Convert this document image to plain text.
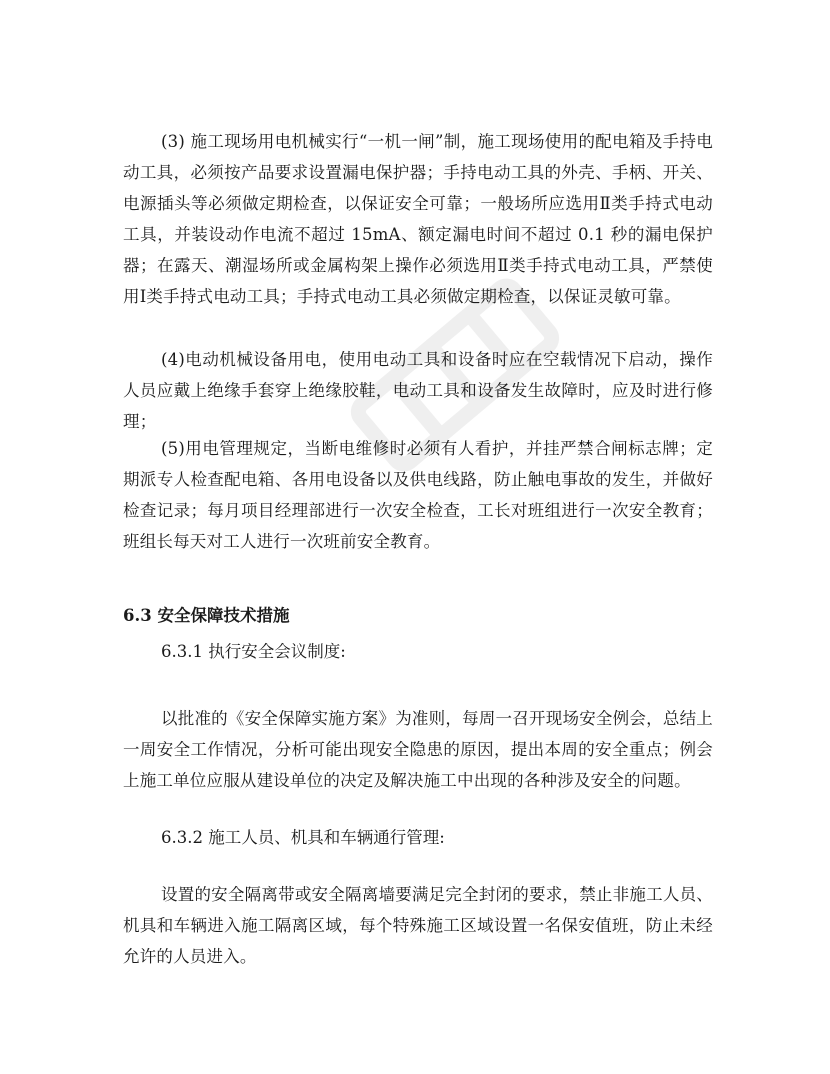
(3) 施工现场用电机械实行“一机一闸”制，施工现场使用的配电箱及手持电动工具，必须按产品要求设置漏电保护器；手持电动工具的外壳、手柄、开关、电源插头等必须做定期检查，以保证安全可靠；一般场所应选用Ⅱ类手持式电动工具，并装设动作电流不超过 15mA、额定漏电时间不超过 0.1 秒的漏电保护器；在露天、潮湿场所或金属构架上操作必须选用Ⅱ类手持式电动工具，严禁使用Ⅰ类手持式电动工具；手持式电动工具必须做定期检查，以保证灵敏可靠。

(4)电动机械设备用电，使用电动工具和设备时应在空载情况下启动，操作人员应戴上绝缘手套穿上绝缘胶鞋，电动工具和设备发生故障时，应及时进行修理；

(5)用电管理规定，当断电维修时必须有人看护，并挂严禁合闸标志牌；定期派专人检查配电箱、各用电设备以及供电线路，防止触电事故的发生，并做好检查记录；每月项目经理部进行一次安全检查，工长对班组进行一次安全教育；班组长每天对工人进行一次班前安全教育。

6.3 安全保障技术措施
6.3.1 执行安全会议制度:

以批准的《安全保障实施方案》为准则，每周一召开现场安全例会，总结上一周安全工作情况，分析可能出现安全隐患的原因，提出本周的安全重点；例会上施工单位应服从建设单位的决定及解决施工中出现的各种涉及安全的问题。

6.3.2 施工人员、机具和车辆通行管理:

设置的安全隔离带或安全隔离墙要满足完全封闭的要求，禁止非施工人员、机具和车辆进入施工隔离区域，每个特殊施工区域设置一名保安值班，防止未经允许的人员进入。
